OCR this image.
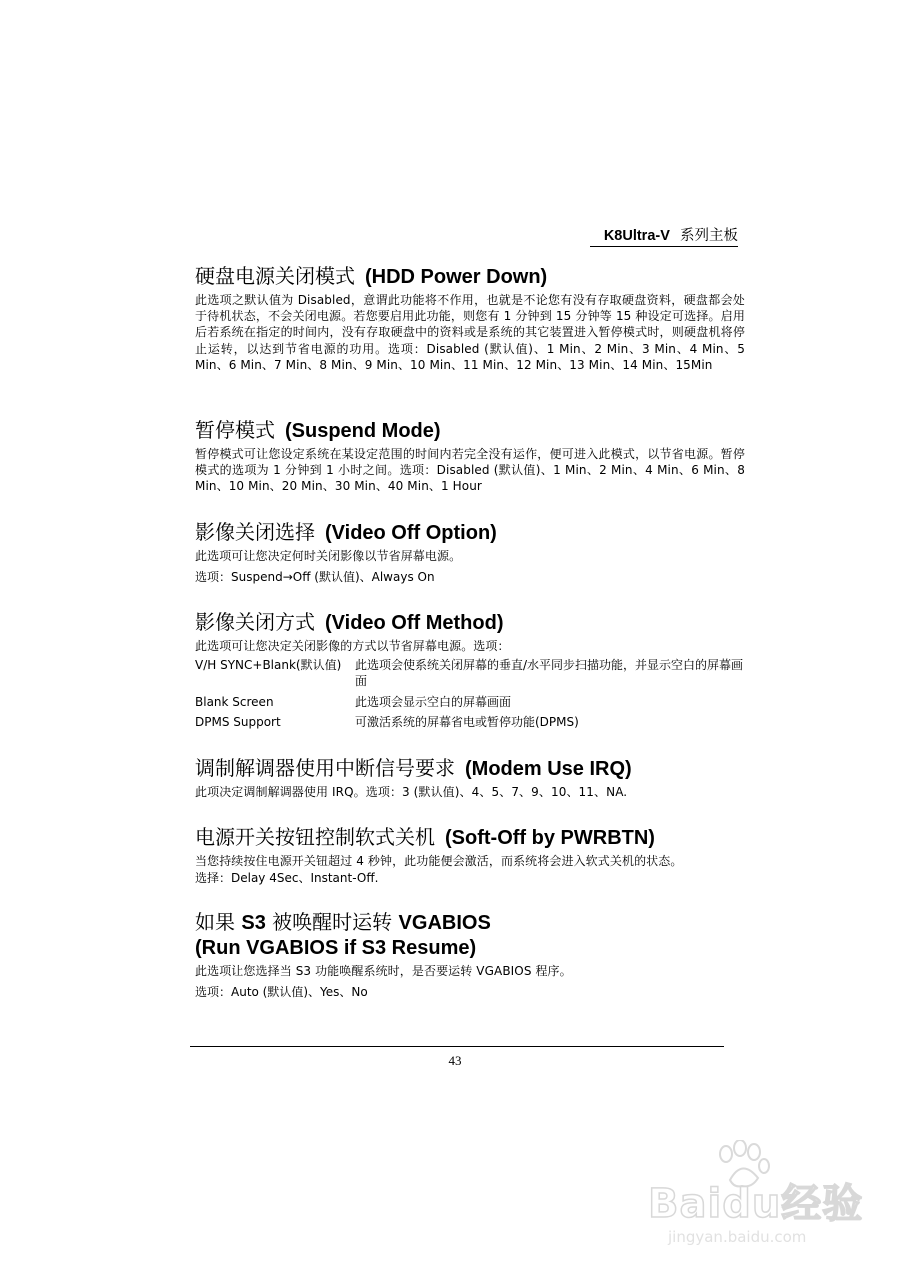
K8Ultra-V 系列主板
硬盘电源关闭模式 (HDD Power Down)

此选项之默认值为 Disabled，意谓此功能将不作用，也就是不论您有没有存取硬盘资料，硬盘都会处于待机状态，不会关闭电源。若您要启用此功能，则您有 1 分钟到 15 分钟等 15 种设定可选择。启用后若系统在指定的时间内，没有存取硬盘中的资料或是系统的其它装置进入暂停模式时，则硬盘机将停止运转，以达到节省电源的功用。选项：Disabled (默认值)、1 Min、2 Min、3 Min、4 Min、5 Min、6 Min、7 Min、8 Min、9 Min、10 Min、11 Min、12 Min、13 Min、14 Min、15Min

暂停模式 (Suspend Mode)

暂停模式可让您设定系统在某设定范围的时间内若完全没有运作，便可进入此模式，以节省电源。暂停模式的选项为 1 分钟到 1 小时之间。选项：Disabled (默认值)、1 Min、2 Min、4 Min、6 Min、8 Min、10 Min、20 Min、30 Min、40 Min、1 Hour

影像关闭选择 (Video Off Option)

此选项可让您决定何时关闭影像以节省屏幕电源。

选项：Suspend→Off (默认值)、Always On

影像关闭方式 (Video Off Method)

此选项可让您决定关闭影像的方式以节省屏幕电源。选项：

V/H SYNC+Blank(默认值)	此选项会使系统关闭屏幕的垂直/水平同步扫描功能，并显示空白的屏幕画面
Blank Screen	此选项会显示空白的屏幕画面
DPMS Support	可激活系统的屏幕省电或暂停功能(DPMS)
调制解调器使用中断信号要求 (Modem Use IRQ)

此项决定调制解调器使用 IRQ。选项：3 (默认值)、4、5、7、9、10、11、NA.

电源开关按钮控制软式关机 (Soft-Off by PWRBTN)

当您持续按住电源开关钮超过 4 秒钟，此功能便会激活，而系统将会进入软式关机的状态。

选择：Delay 4Sec、Instant-Off.

如果 S3 被唤醒时运转 VGABIOS
(Run VGABIOS if S3 Resume)

此选项让您选择当 S3 功能唤醒系统时，是否要运转 VGABIOS 程序。

选项：Auto (默认值)、Yes、No

43
Baidu经验
jingyan.baidu.com
